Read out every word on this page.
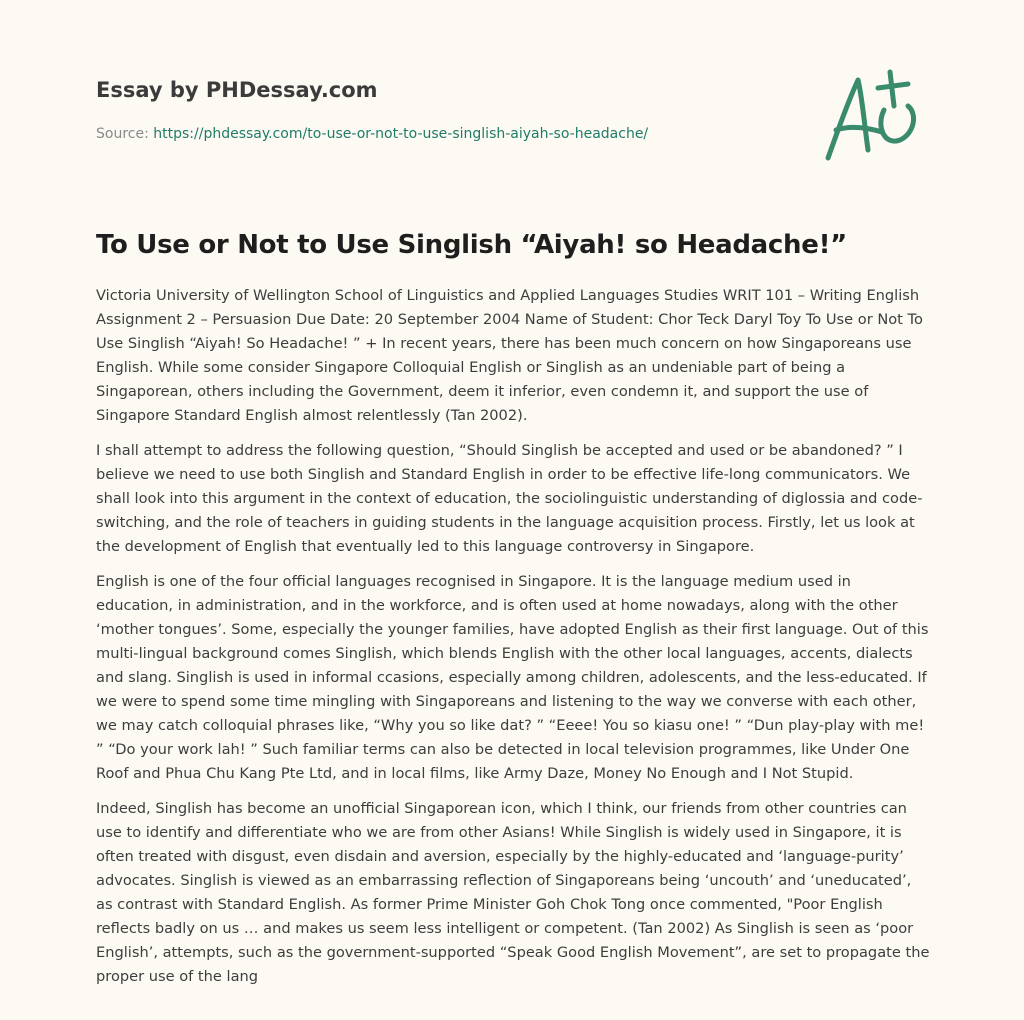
Essay by PHDessay.com
Source: https://phdessay.com/to-use-or-not-to-use-singlish-aiyah-so-headache/
To Use or Not to Use Singlish “Aiyah! so Headache!”

Victoria University of Wellington School of Linguistics and Applied Languages Studies WRIT 101 – Writing English Assignment 2 – Persuasion Due Date: 20 September 2004 Name of Student: Chor Teck Daryl Toy To Use or Not To Use Singlish “Aiyah! So Headache! ” + In recent years, there has been much concern on how Singaporeans use English. While some consider Singapore Colloquial English or Singlish as an undeniable part of being a Singaporean, others including the Government, deem it inferior, even condemn it, and support the use of Singapore Standard English almost relentlessly (Tan 2002).

I shall attempt to address the following question, “Should Singlish be accepted and used or be abandoned? ” I believe we need to use both Singlish and Standard English in order to be effective life-long communicators. We shall look into this argument in the context of education, the sociolinguistic understanding of diglossia and code-switching, and the role of teachers in guiding students in the language acquisition process. Firstly, let us look at the development of English that eventually led to this language controversy in Singapore.

English is one of the four official languages recognised in Singapore. It is the language medium used in education, in administration, and in the workforce, and is often used at home nowadays, along with the other ‘mother tongues’. Some, especially the younger families, have adopted English as their first language. Out of this multi-lingual background comes Singlish, which blends English with the other local languages, accents, dialects and slang. Singlish is used in informal ccasions, especially among children, adolescents, and the less-educated. If we were to spend some time mingling with Singaporeans and listening to the way we converse with each other, we may catch colloquial phrases like, “Why you so like dat? ” “Eeee! You so kiasu one! ” “Dun play-play with me! ” “Do your work lah! ” Such familiar terms can also be detected in local television programmes, like Under One Roof and Phua Chu Kang Pte Ltd, and in local films, like Army Daze, Money No Enough and I Not Stupid.

Indeed, Singlish has become an unofficial Singaporean icon, which I think, our friends from other countries can use to identify and differentiate who we are from other Asians! While Singlish is widely used in Singapore, it is often treated with disgust, even disdain and aversion, especially by the highly-educated and ‘language-purity’ advocates. Singlish is viewed as an embarrassing reflection of Singaporeans being ‘uncouth’ and ‘uneducated’, as contrast with Standard English. As former Prime Minister Goh Chok Tong once commented, "Poor English reflects badly on us … and makes us seem less intelligent or competent. (Tan 2002) As Singlish is seen as ‘poor English’, attempts, such as the government-supported “Speak Good English Movement”, are set to propagate the proper use of the lang
